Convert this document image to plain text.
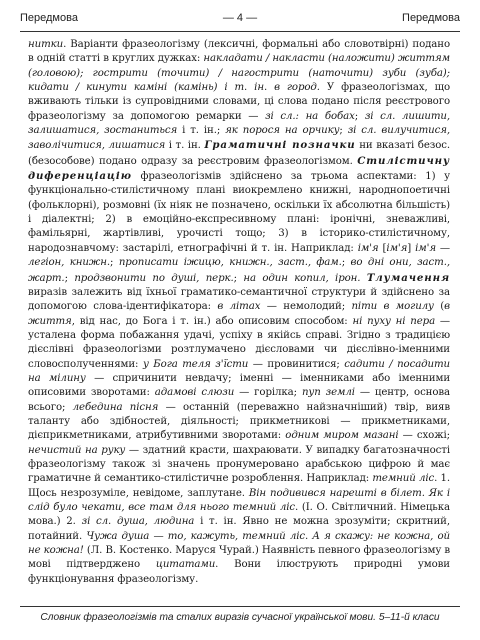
Передмова	— 4 —	Передмова

нитки. Варіанти фразеологізму (лексичні, формальні або словотвірні) подано в одній статті в круглих дужках: накладати / накласти (наложити) життям (головою); гострити (точити) / нагострити (наточити) зуби (зуба); кидати / кинути каміні (камінь) і т. ін. в город. У фразеологізмах, що вживають тільки із супровідними словами, ці слова подано після реєстрового фразеологізму за допомогою ремарки — зі сл.: на бобах; зі сл. лишити, залишатися, зостаниться і т. ін.; як порося на орчику; зі сл. вилучитися, заволічитися, лишатися і т. ін. Граматичні позначки ни вказаті безос. (безособове) подано одразу за реєстровим фразеологізмом. Стилістичну диференціацію фразеологізмів здійснено за трьома аспектами: 1) у функціонально-стилістичному плані виокремлено книжні, народнопоетичні (фольклорні), розмовні (їх ніяк не позначено, оскільки їх абсолютна більшість) і діалектні; 2) в емоційно-експресивному плані: іронічні, зневажливі, фамільярні, жартівливі, урочисті тощо; 3) в історико-стилістичному, народознавчому: застарілі, етнографічні й т. ін. Наприклад: ім'я [ім'я] ім'я — легіон, книжн.; прописати іжицю, книжн., заст., фам.; во дні они, заст., жарт.; продзвонити по душі, перк.; на один копил, ірон. Тлумачення виразів залежить від їхньої граматико-семантичної структури й здійснено за допомогою слова-ідентифікатора: в літах — немолодий; піти в могилу (в життя, від нас, до Бога і т. ін.) або описовим способом: ні пуху ні пера — усталена форма побажання удачі, успіху в якійсь справі. Згідно з традицією дієслівні фразеологізми розтлумачено дієсловами чи дієслівно-іменними словосполученнями: у Бога теля з'їсти — провинитися; садити / посадити на мілину — спричинити невдачу; іменні — іменниками або іменними описовими зворотами: адамові слюзи — горілка; пуп землі — центр, основа всього; лебедина пісня — останній (переважно найзначніший) твір, вияв таланту або здібностей, діяльності; прикметникові — прикметниками, дієприкметниками, атрибутивними зворотами: одним миром мазані — схожі; нечистий на руку — здатний красти, шахраювати. У випадку багатозначності фразеологізму також зі значень пронумеровано арабською цифрою й має граматичне й семантико-стилістичне розроблення. Наприклад: темний ліс. 1. Щось незрозуміле, невідоме, заплутане. Він подивився нарешті в білет. Як і слід було чекати, все там для нього темний ліс. (І. О. Світличний. Німецька мова.) 2. зі сл. душа, людина і т. ін. Явно не можна зрозуміти; скритний, потайний. Чужа душа — то, кажуть, темний ліс. А я скажу: не кожна, ой не кожна! (Л. В. Костенко. Маруся Чурай.) Наявність певного фразеологізму в мові підтверджено цитатами. Вони ілюструють природні умови функціонування фразеологізму.

Словник фразеологізмів та сталих виразів сучасної української мови. 5–11-й класи
